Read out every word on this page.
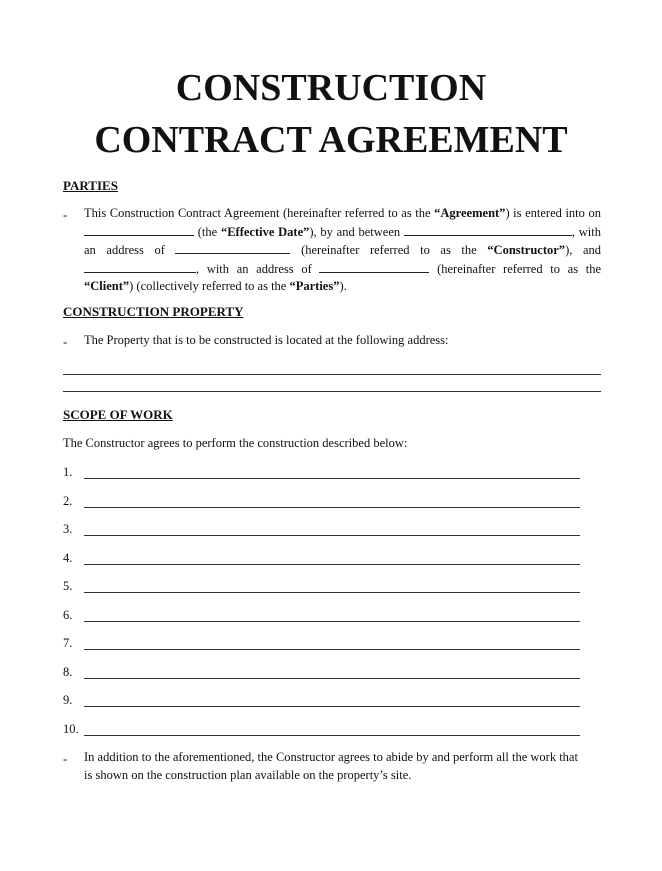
CONSTRUCTION
CONTRACT AGREEMENT
PARTIES
- This Construction Contract Agreement (hereinafter referred to as the “Agreement”) is entered into on  (the “Effective Date”), by and between	, with an address of	(hereinafter referred to as the “Constructor”), and , with an address of	(hereinafter referred to as the “Client”) (collectively referred to as the “Parties”).
CONSTRUCTION PROPERTY
- The Property that is to be constructed is located at the following address:
SCOPE OF WORK
The Constructor agrees to perform the construction described below:
1.
2.
3.
4.
5.
6.
7.
8.
9.
10.
- In addition to the aforementioned, the Constructor agrees to abide by and perform all the work that is shown on the construction plan available on the property’s site.
